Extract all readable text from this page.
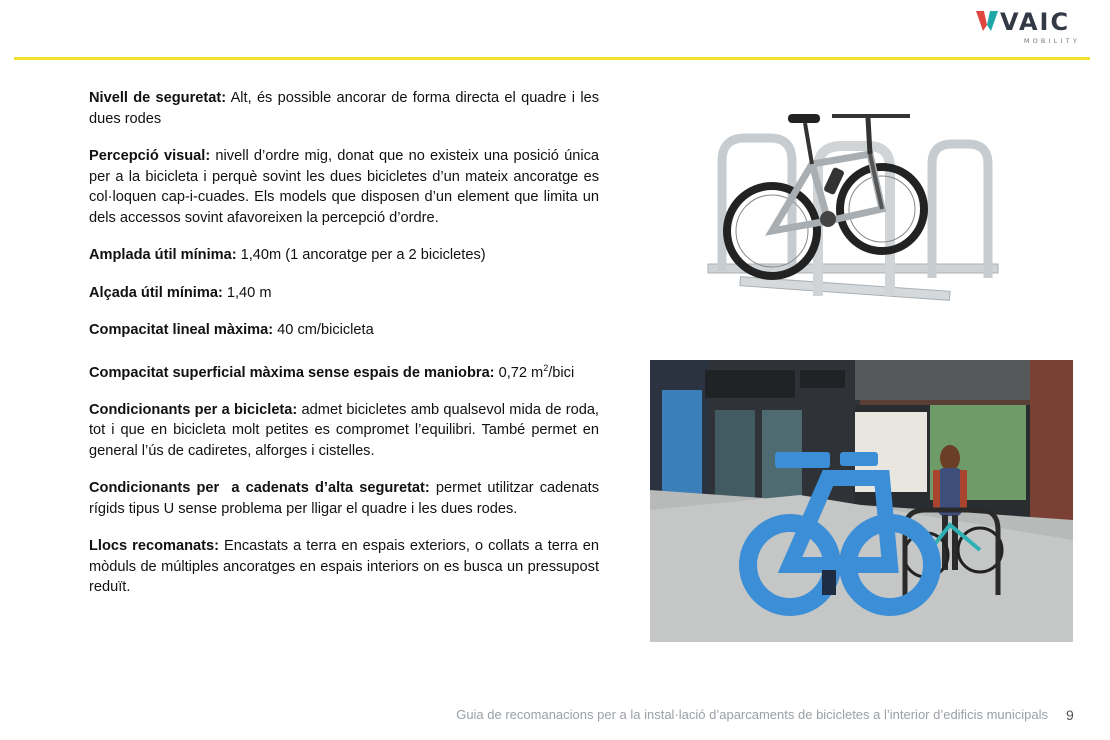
VAIC
MOBILITY

Nivell de seguretat: Alt, és possible ancorar de forma directa el quadre i les dues rodes

Percepció visual: nivell d’ordre mig, donat que no existeix una posició única per a la bicicleta i perquè sovint les dues bicicletes d’un mateix ancoratge es col·loquen cap-i-cuades. Els models que disposen d’un element que limita un dels accessos sovint afavoreixen la percepció d’ordre.

Amplada útil mínima: 1,40m (1 ancoratge per a 2 bicicletes)

Alçada útil mínima: 1,40 m

Compacitat lineal màxima: 40 cm/bicicleta

Compacitat superficial màxima sense espais de maniobra: 0,72 $m^2$/bici

Condicionants per a bicicleta: admet bicicletes amb qualsevol mida de roda, tot i que en bicicleta molt petites es compromet l’equilibri. També permet en general l’ús de cadiretes, alforges i cistelles.

Condicionants per  a cadenats d’alta seguretat: permet utilitzar cadenats rígids tipus U sense problema per lligar el quadre i les dues rodes.

Llocs recomanats: Encastats a terra en espais exteriors, o collats a terra en mòduls de múltiples ancoratges en espais interiors on es busca un pressupost reduït.

Guia de recomanacions per a la instal·lació d’aparcaments de bicicletes a l’interior d’edificis municipals 9
